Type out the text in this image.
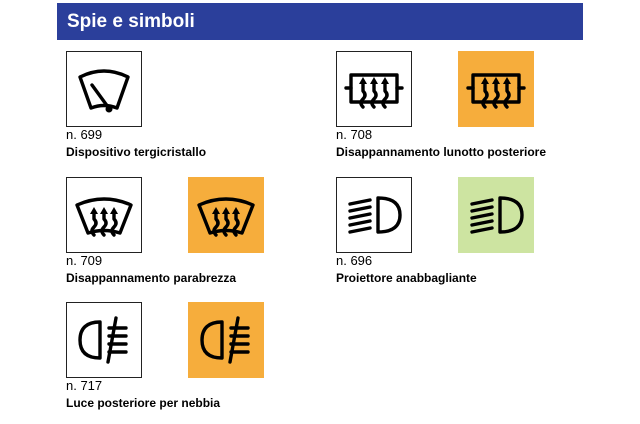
Spie e simboli
n. 699
Dispositivo tergicristallo
n. 708
Disappannamento lunotto posteriore
n. 709
Disappannamento parabrezza
n. 696
Proiettore anabbagliante
n. 717
Luce posteriore per nebbia
